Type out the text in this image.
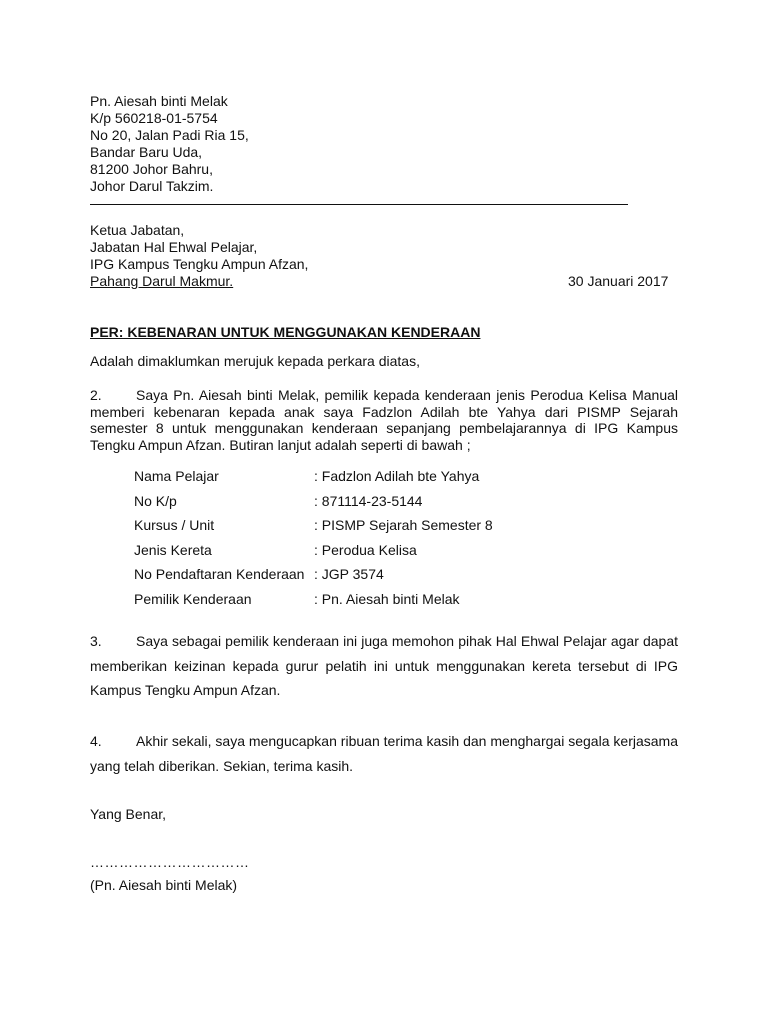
Pn. Aiesah binti Melak
K/p 560218-01-5754
No 20, Jalan Padi Ria 15,
Bandar Baru Uda,
81200 Johor Bahru,
Johor Darul Takzim.
Ketua Jabatan,
Jabatan Hal Ehwal Pelajar,
IPG Kampus Tengku Ampun Afzan,
Pahang Darul Makmur.	30 Januari 2017
PER: KEBENARAN UNTUK MENGGUNAKAN KENDERAAN
Adalah dimaklumkan merujuk kepada perkara diatas,

2. Saya Pn. Aiesah binti Melak, pemilik kepada kenderaan jenis Perodua Kelisa Manual memberi kebenaran kepada anak saya Fadzlon Adilah bte Yahya dari PISMP Sejarah semester 8 untuk menggunakan kenderaan sepanjang pembelajarannya di IPG Kampus Tengku Ampun Afzan. Butiran lanjut adalah seperti di bawah ;

Nama Pelajar	: Fadzlon Adilah bte Yahya
No K/p	: 871114-23-5144
Kursus / Unit	: PISMP Sejarah Semester 8
Jenis Kereta	: Perodua Kelisa
No Pendaftaran Kenderaan : JGP 3574
Pemilik Kenderaan	: Pn. Aiesah binti Melak

3. Saya sebagai pemilik kenderaan ini juga memohon pihak Hal Ehwal Pelajar agar dapat memberikan keizinan kepada gurur pelatih ini untuk menggunakan kereta tersebut di IPG Kampus Tengku Ampun Afzan.

4. Akhir sekali, saya mengucapkan ribuan terima kasih dan menghargai segala kerjasama yang telah diberikan. Sekian, terima kasih.

Yang Benar,
……………………………
(Pn. Aiesah binti Melak)
